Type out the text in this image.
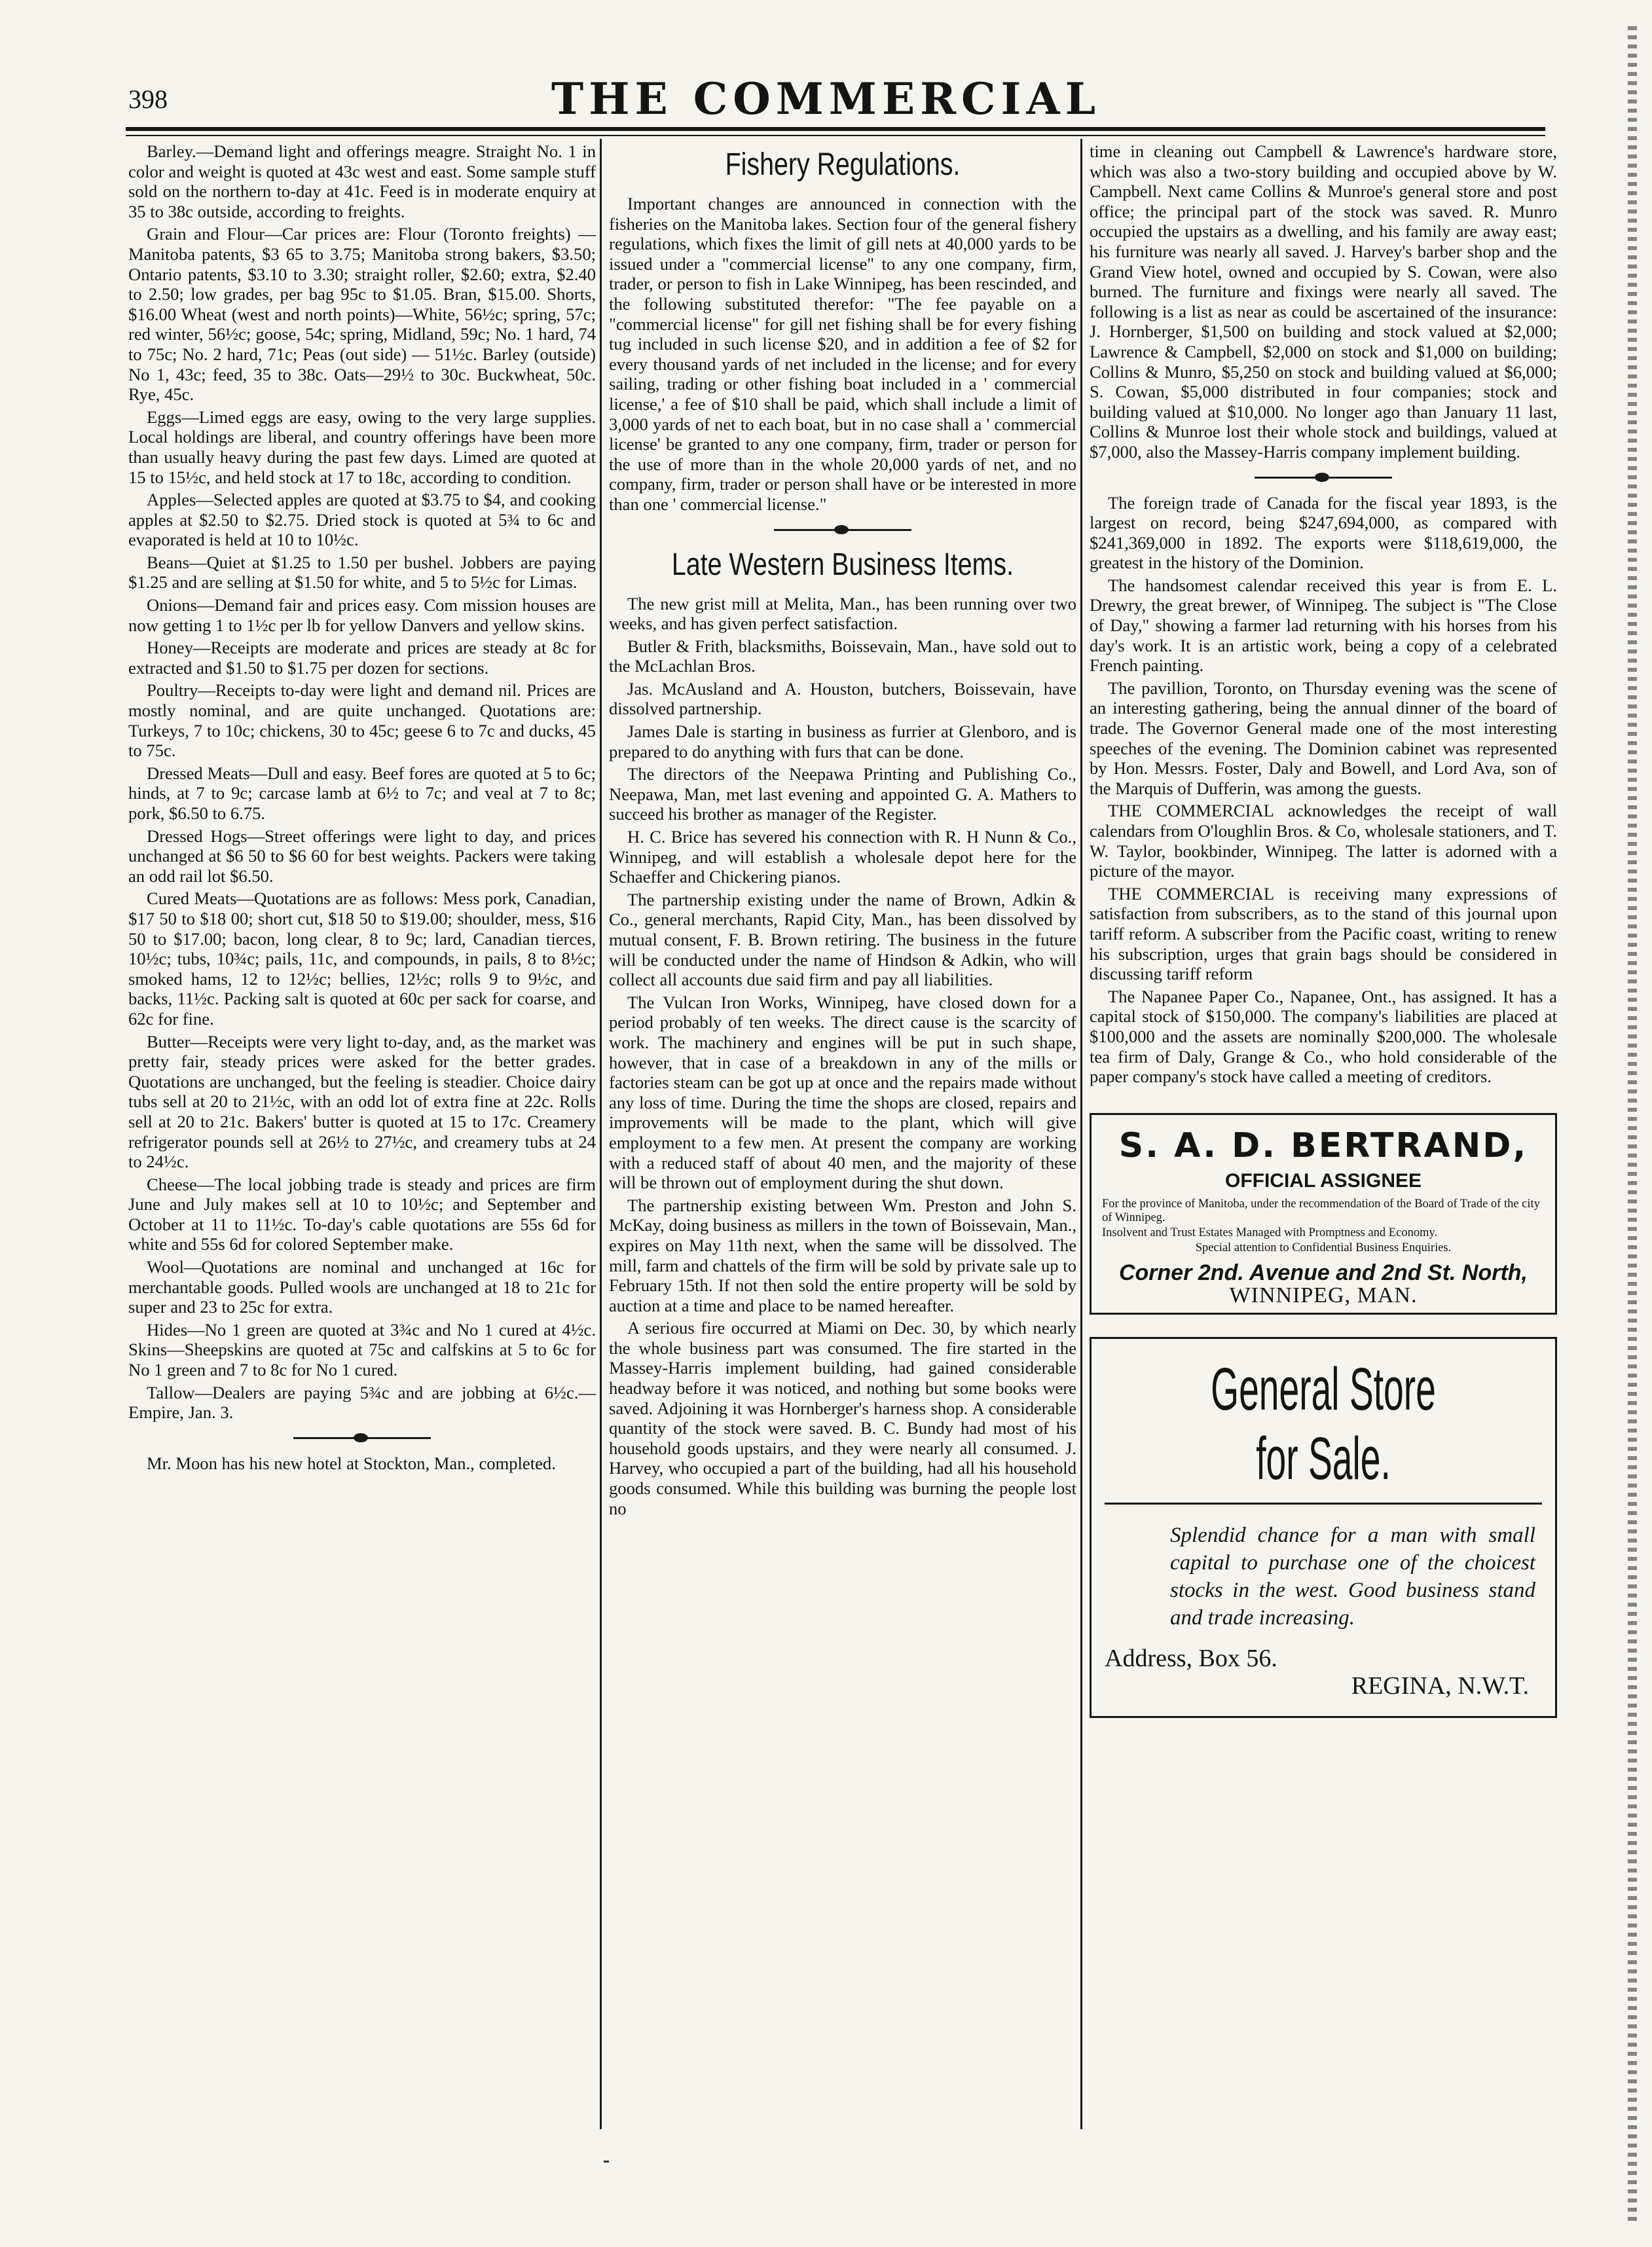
398	THE COMMERCIAL

Barley.—Demand light and offerings meagre. Straight No. 1 in color and weight is quoted at 43c west and east. Some sample stuff sold on the northern to-day at 41c. Feed is in moderate enquiry at 35 to 38c outside, according to freights.

Grain and Flour—Car prices are: Flour (Toronto freights) — Manitoba patents, $3 65 to 3.75; Manitoba strong bakers, $3.50; Ontario patents, $3.10 to 3.30; straight roller, $2.60; extra, $2.40 to 2.50; low grades, per bag 95c to $1.05. Bran, $15.00. Shorts, $16.00 Wheat (west and north points)—White, 56½c; spring, 57c; red winter, 56½c; goose, 54c; spring, Midland, 59c; No. 1 hard, 74 to 75c; No. 2 hard, 71c; Peas (out side) — 51½c. Barley (outside) No 1, 43c; feed, 35 to 38c. Oats—29½ to 30c. Buckwheat, 50c. Rye, 45c.

Eggs—Limed eggs are easy, owing to the very large supplies. Local holdings are liberal, and country offerings have been more than usually heavy during the past few days. Limed are quoted at 15 to 15½c, and held stock at 17 to 18c, according to condition.

Apples—Selected apples are quoted at $3.75 to $4, and cooking apples at $2.50 to $2.75. Dried stock is quoted at 5¾ to 6c and evaporated is held at 10 to 10½c.

Beans—Quiet at $1.25 to 1.50 per bushel. Jobbers are paying $1.25 and are selling at $1.50 for white, and 5 to 5½c for Limas.

Onions—Demand fair and prices easy. Com mission houses are now getting 1 to 1½c per lb for yellow Danvers and yellow skins.

Honey—Receipts are moderate and prices are steady at 8c for extracted and $1.50 to $1.75 per dozen for sections.

Poultry—Receipts to-day were light and demand nil. Prices are mostly nominal, and are quite unchanged. Quotations are: Turkeys, 7 to 10c; chickens, 30 to 45c; geese 6 to 7c and ducks, 45 to 75c.

Dressed Meats—Dull and easy. Beef fores are quoted at 5 to 6c; hinds, at 7 to 9c; carcase lamb at 6½ to 7c; and veal at 7 to 8c; pork, $6.50 to 6.75.

Dressed Hogs—Street offerings were light to day, and prices unchanged at $6 50 to $6 60 for best weights. Packers were taking an odd rail lot $6.50.

Cured Meats—Quotations are as follows: Mess pork, Canadian, $17 50 to $18 00; short cut, $18 50 to $19.00; shoulder, mess, $16 50 to $17.00; bacon, long clear, 8 to 9c; lard, Canadian tierces, 10½c; tubs, 10¾c; pails, 11c, and compounds, in pails, 8 to 8½c; smoked hams, 12 to 12½c; bellies, 12½c; rolls 9 to 9½c, and backs, 11½c. Packing salt is quoted at 60c per sack for coarse, and 62c for fine.

Butter—Receipts were very light to-day, and, as the market was pretty fair, steady prices were asked for the better grades. Quotations are unchanged, but the feeling is steadier. Choice dairy tubs sell at 20 to 21½c, with an odd lot of extra fine at 22c. Rolls sell at 20 to 21c. Bakers' butter is quoted at 15 to 17c. Creamery refrigerator pounds sell at 26½ to 27½c, and creamery tubs at 24 to 24½c.

Cheese—The local jobbing trade is steady and prices are firm June and July makes sell at 10 to 10½c; and September and October at 11 to 11½c. To-day's cable quotations are 55s 6d for white and 55s 6d for colored September make.

Wool—Quotations are nominal and unchanged at 16c for merchantable goods. Pulled wools are unchanged at 18 to 21c for super and 23 to 25c for extra.

Hides—No 1 green are quoted at 3¾c and No 1 cured at 4½c. Skins—Sheepskins are quoted at 75c and calfskins at 5 to 6c for No 1 green and 7 to 8c for No 1 cured.

Tallow—Dealers are paying 5¾c and are jobbing at 6½c.—Empire, Jan. 3.

Mr. Moon has his new hotel at Stockton, Man., completed.

Fishery Regulations.

Important changes are announced in connection with the fisheries on the Manitoba lakes. Section four of the general fishery regulations, which fixes the limit of gill nets at 40,000 yards to be issued under a "commercial license" to any one company, firm, trader, or person to fish in Lake Winnipeg, has been rescinded, and the following substituted therefor: "The fee payable on a "commercial license" for gill net fishing shall be for every fishing tug included in such license $20, and in addition a fee of $2 for every thousand yards of net included in the license; and for every sailing, trading or other fishing boat included in a ' commercial license,' a fee of $10 shall be paid, which shall include a limit of 3,000 yards of net to each boat, but in no case shall a ' commercial license' be granted to any one company, firm, trader or person for the use of more than in the whole 20,000 yards of net, and no company, firm, trader or person shall have or be interested in more than one ' commercial license."

Late Western Business Items.

The new grist mill at Melita, Man., has been running over two weeks, and has given perfect satisfaction.

Butler & Frith, blacksmiths, Boissevain, Man., have sold out to the McLachlan Bros.

Jas. McAusland and A. Houston, butchers, Boissevain, have dissolved partnership.

James Dale is starting in business as furrier at Glenboro, and is prepared to do anything with furs that can be done.

The directors of the Neepawa Printing and Publishing Co., Neepawa, Man, met last evening and appointed G. A. Mathers to succeed his brother as manager of the Register.

H. C. Brice has severed his connection with R. H Nunn & Co., Winnipeg, and will establish a wholesale depot here for the Schaeffer and Chickering pianos.

The partnership existing under the name of Brown, Adkin & Co., general merchants, Rapid City, Man., has been dissolved by mutual consent, F. B. Brown retiring. The business in the future will be conducted under the name of Hindson & Adkin, who will collect all accounts due said firm and pay all liabilities.

The Vulcan Iron Works, Winnipeg, have closed down for a period probably of ten weeks. The direct cause is the scarcity of work. The machinery and engines will be put in such shape, however, that in case of a breakdown in any of the mills or factories steam can be got up at once and the repairs made without any loss of time. During the time the shops are closed, repairs and improvements will be made to the plant, which will give employment to a few men. At present the company are working with a reduced staff of about 40 men, and the majority of these will be thrown out of employment during the shut down.

The partnership existing between Wm. Preston and John S. McKay, doing business as millers in the town of Boissevain, Man., expires on May 11th next, when the same will be dissolved. The mill, farm and chattels of the firm will be sold by private sale up to February 15th. If not then sold the entire property will be sold by auction at a time and place to be named hereafter.

A serious fire occurred at Miami on Dec. 30, by which nearly the whole business part was consumed. The fire started in the Massey-Harris implement building, had gained considerable headway before it was noticed, and nothing but some books were saved. Adjoining it was Hornberger's harness shop. A considerable quantity of the stock were saved. B. C. Bundy had most of his household goods upstairs, and they were nearly all consumed. J. Harvey, who occupied a part of the building, had all his household goods consumed. While this building was burning the people lost no

time in cleaning out Campbell & Lawrence's hardware store, which was also a two-story building and occupied above by W. Campbell. Next came Collins & Munroe's general store and post office; the principal part of the stock was saved. R. Munro occupied the upstairs as a dwelling, and his family are away east; his furniture was nearly all saved. J. Harvey's barber shop and the Grand View hotel, owned and occupied by S. Cowan, were also burned. The furniture and fixings were nearly all saved. The following is a list as near as could be ascertained of the insurance: J. Hornberger, $1,500 on building and stock valued at $2,000; Lawrence & Campbell, $2,000 on stock and $1,000 on building; Collins & Munro, $5,250 on stock and building valued at $6,000; S. Cowan, $5,000 distributed in four companies; stock and building valued at $10,000. No longer ago than January 11 last, Collins & Munroe lost their whole stock and buildings, valued at $7,000, also the Massey-Harris company implement building.

The foreign trade of Canada for the fiscal year 1893, is the largest on record, being $247,694,000, as compared with $241,369,000 in 1892. The exports were $118,619,000, the greatest in the history of the Dominion.

The handsomest calendar received this year is from E. L. Drewry, the great brewer, of Winnipeg. The subject is "The Close of Day," showing a farmer lad returning with his horses from his day's work. It is an artistic work, being a copy of a celebrated French painting.

The pavillion, Toronto, on Thursday evening was the scene of an interesting gathering, being the annual dinner of the board of trade. The Governor General made one of the most interesting speeches of the evening. The Dominion cabinet was represented by Hon. Messrs. Foster, Daly and Bowell, and Lord Ava, son of the Marquis of Dufferin, was among the guests.

THE COMMERCIAL acknowledges the receipt of wall calendars from O'loughlin Bros. & Co, wholesale stationers, and T. W. Taylor, bookbinder, Winnipeg. The latter is adorned with a picture of the mayor.

THE COMMERCIAL is receiving many expressions of satisfaction from subscribers, as to the stand of this journal upon tariff reform. A subscriber from the Pacific coast, writing to renew his subscription, urges that grain bags should be considered in discussing tariff reform

The Napanee Paper Co., Napanee, Ont., has assigned. It has a capital stock of $150,000. The company's liabilities are placed at $100,000 and the assets are nominally $200,000. The wholesale tea firm of Daly, Grange & Co., who hold considerable of the paper company's stock have called a meeting of creditors.

S. A. D. BERTRAND,
OFFICIAL ASSIGNEE
For the province of Manitoba, under the recommendation of the Board of Trade of the city of Winnipeg.
Insolvent and Trust Estates Managed with Promptness and Economy.
Special attention to Confidential Business Enquiries.
Corner 2nd. Avenue and 2nd St. North,
WINNIPEG, MAN.
General Store for Sale.
Splendid chance for a man with small capital to purchase one of the choicest stocks in the west. Good business stand and trade increasing.
Address, Box 56.
REGINA, N.W.T.
